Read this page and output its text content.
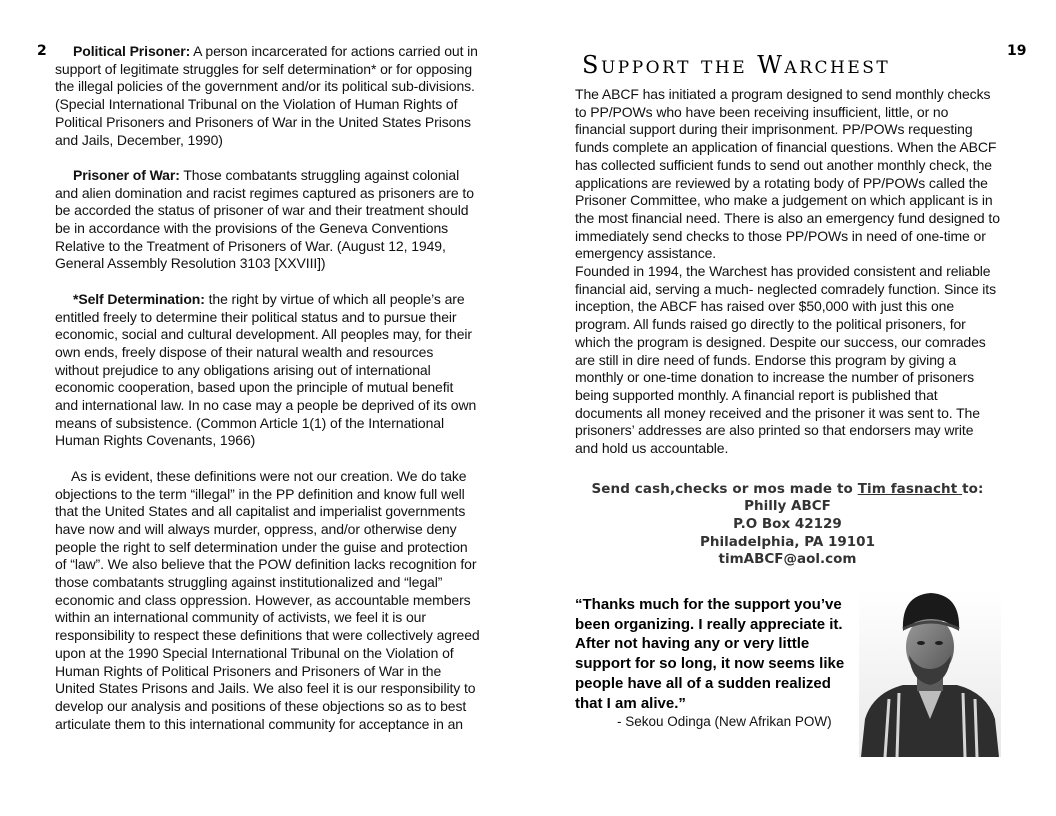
2	19

Political Prisoner: A person incarcerated for actions carried out in support of legitimate struggles for self determination* or for opposing the illegal policies of the government and/or its political sub-divisions. (Special International Tribunal on the Violation of Human Rights of Political Prisoners and Prisoners of War in the United States Prisons and Jails, December, 1990)

Prisoner of War: Those combatants struggling against colonial and alien domination and racist regimes captured as prisoners are to be accorded the status of prisoner of war and their treatment should be in accordance with the provisions of the Geneva Conventions Relative to the Treatment of Prisoners of War. (August 12, 1949, General Assembly Resolution 3103 [XXVIII])

*Self Determination: the right by virtue of which all people’s are entitled freely to determine their political status and to pursue their economic, social and cultural development. All peoples may, for their own ends, freely dispose of their natural wealth and resources without prejudice to any obligations arising out of international economic cooperation, based upon the principle of mutual benefit and international law. In no case may a people be deprived of its own means of subsistence. (Common Article 1(1) of the International Human Rights Covenants, 1966)

As is evident, these definitions were not our creation. We do take objections to the term “illegal” in the PP definition and know full well that the United States and all capitalist and imperialist governments have now and will always murder, oppress, and/or otherwise deny people the right to self determination under the guise and protection of “law”. We also believe that the POW definition lacks recognition for those combatants struggling against institutionalized and “legal” economic and class oppression. However, as accountable members within an international community of activists, we feel it is our responsibility to respect these definitions that were collectively agreed upon at the 1990 Special International Tribunal on the Violation of Human Rights of Political Prisoners and Prisoners of War in the United States Prisons and Jails. We also feel it is our responsibility to develop our analysis and positions of these objections so as to best articulate them to this international community for acceptance in an

Support the Warchest

The ABCF has initiated a program designed to send monthly checks to PP/POWs who have been receiving insufficient, little, or no financial support during their imprisonment. PP/POWs requesting funds complete an application of financial questions. When the ABCF has collected sufficient funds to send out another monthly check, the applications are reviewed by a rotating body of PP/POWs called the Prisoner Committee, who make a judgement on which applicant is in the most financial need. There is also an emergency fund designed to immediately send checks to those PP/POWs in need of one-time or emergency assistance.

Founded in 1994, the Warchest has provided consistent and reliable financial aid, serving a much- neglected comradely function. Since its inception, the ABCF has raised over $50,000 with just this one program. All funds raised go directly to the political prisoners, for which the program is designed. Despite our success, our comrades are still in dire need of funds. Endorse this program by giving a monthly or one-time donation to increase the number of prisoners being supported monthly. A financial report is published that documents all money received and the prisoner it was sent to. The prisoners’ addresses are also printed so that endorsers may write and hold us accountable.

Send cash,checks or mos made to Tim fasnacht to:
Philly ABCF
P.O Box 42129
Philadelphia, PA 19101
timABCF@aol.com
“Thanks much for the support you’ve been organizing. I really appreciate it. After not having any or very little support for so long, it now seems like people have all of a sudden realized that I am alive.”
- Sekou Odinga (New Afrikan POW)
